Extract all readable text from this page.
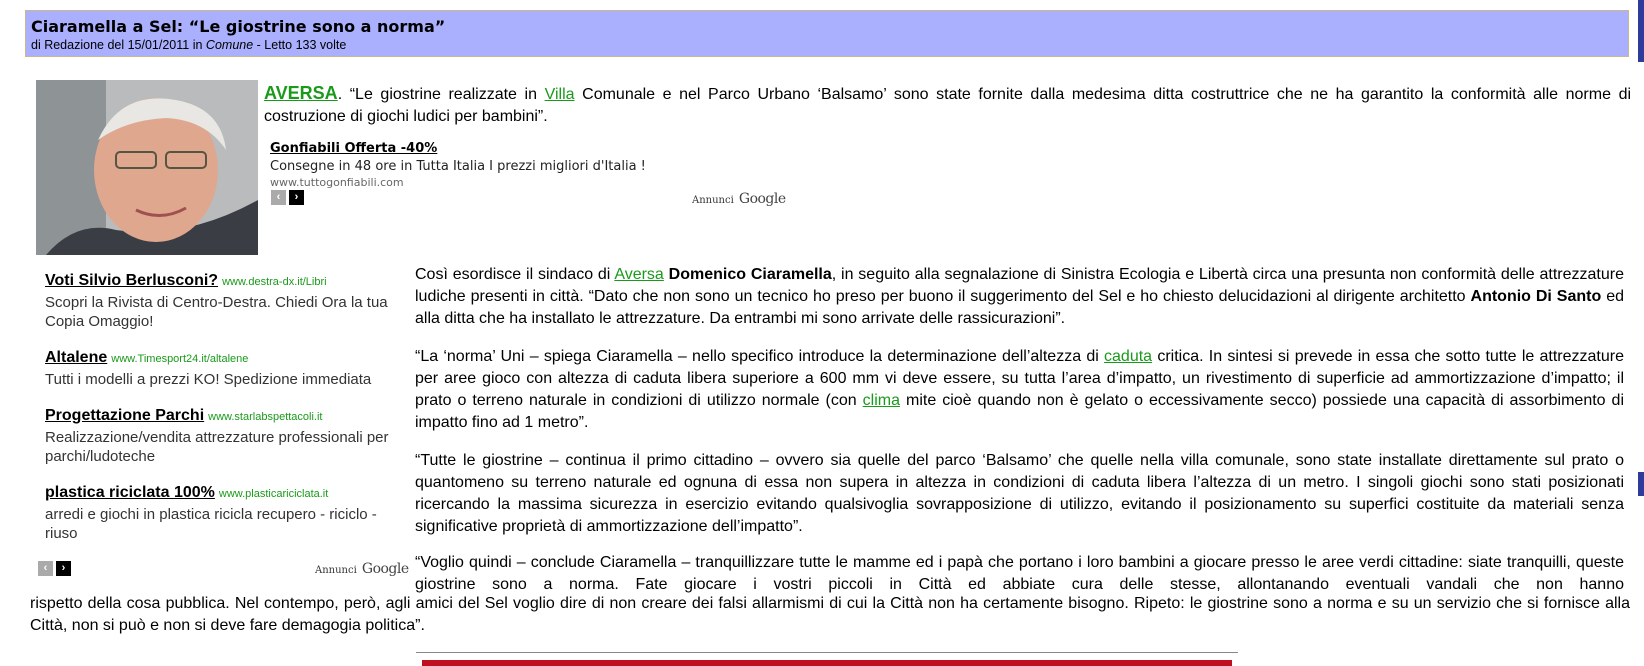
Ciaramella a Sel: “Le giostrine sono a norma”
di Redazione del 15/01/2011 in Comune - Letto 133 volte
AVERSA. “Le giostrine realizzate in Villa Comunale e nel Parco Urbano ‘Balsamo’ sono state fornite dalla medesima ditta costruttrice che ne ha garantito la conformità alle norme di costruzione di giochi ludici per bambini”.
Gonfiabili Offerta -40%
Consegne in 48 ore in Tutta Italia I prezzi migliori d'Italia !
www.tuttogonfiabili.com
‹	›	Annunci Google
Voti Silvio Berlusconi? www.destra-dx.it/Libri
Scopri la Rivista di Centro-Destra. Chiedi Ora la tua Copia Omaggio!
Altalene www.Timesport24.it/altalene
Tutti i modelli a prezzi KO! Spedizione immediata
Progettazione Parchi www.starlabspettacoli.it
Realizzazione/vendita attrezzature professionali per parchi/ludoteche
plastica riciclata 100% www.plasticariciclata.it
arredi e giochi in plastica ricicla recupero - riciclo - riuso
‹	›	Annunci Google
Così esordisce il sindaco di Aversa Domenico Ciaramella, in seguito alla segnalazione di Sinistra Ecologia e Libertà circa una presunta non conformità delle attrezzature ludiche presenti in città. “Dato che non sono un tecnico ho preso per buono il suggerimento del Sel e ho chiesto delucidazioni al dirigente architetto Antonio Di Santo ed alla ditta che ha installato le attrezzature. Da entrambi mi sono arrivate delle rassicurazioni”.
“La ‘norma’ Uni – spiega Ciaramella – nello specifico introduce la determinazione dell’altezza di caduta critica. In sintesi si prevede in essa che sotto tutte le attrezzature per aree gioco con altezza di caduta libera superiore a 600 mm vi deve essere, su tutta l’area d’impatto, un rivestimento di superficie ad ammortizzazione d’impatto; il prato o terreno naturale in condizioni di utilizzo normale (con clima mite cioè quando non è gelato o eccessivamente secco) possiede una capacità di assorbimento di impatto fino ad 1 metro”.
“Tutte le giostrine – continua il primo cittadino – ovvero sia quelle del parco ‘Balsamo’ che quelle nella villa comunale, sono state installate direttamente sul prato o quantomeno su terreno naturale ed ognuna di essa non supera in altezza in condizioni di caduta libera l’altezza di un metro. I singoli giochi sono stati posizionati ricercando la massima sicurezza in esercizio evitando qualsivoglia sovrapposizione di utilizzo, evitando il posizionamento su superfici costituite da materiali senza significative proprietà di ammortizzazione dell’impatto”.
“Voglio quindi – conclude Ciaramella – tranquillizzare tutte le mamme ed i papà che portano i loro bambini a giocare presso le aree verdi cittadine: siate tranquilli, queste giostrine sono a norma. Fate giocare i vostri piccoli in Città ed abbiate cura delle stesse, allontanando eventuali vandali che non hanno
rispetto della cosa pubblica. Nel contempo, però, agli amici del Sel voglio dire di non creare dei falsi allarmismi di cui la Città non ha certamente bisogno. Ripeto: le giostrine sono a norma e su un servizio che si fornisce alla Città, non si può e non si deve fare demagogia politica”.
